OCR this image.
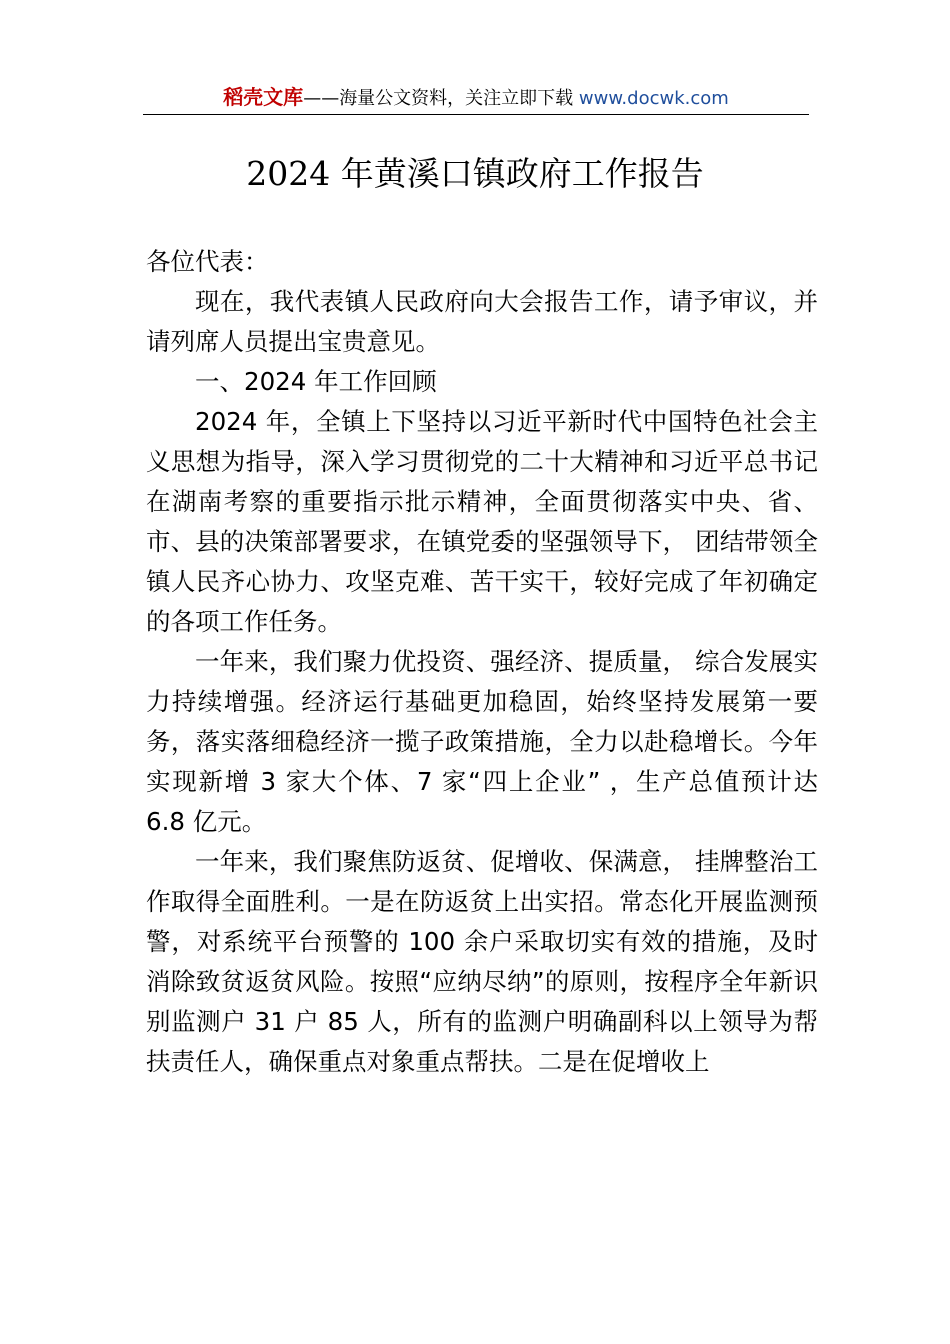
稻壳文库——海量公文资料，关注立即下载 www.docwk.com
2024 年黄溪口镇政府工作报告

各位代表：

现在，我代表镇人民政府向大会报告工作，请予审议，并请列席人员提出宝贵意见。

一、2024 年工作回顾

2024 年，全镇上下坚持以习近平新时代中国特色社会主义思想为指导，深入学习贯彻党的二十大精神和习近平总书记在湖南考察的重要指示批示精神，全面贯彻落实中央、省、市、县的决策部署要求，在镇党委的坚强领导下， 团结带领全镇人民齐心协力、攻坚克难、苦干实干，较好完成了年初确定的各项工作任务。

一年来，我们聚力优投资、强经济、提质量， 综合发展实力持续增强。经济运行基础更加稳固，始终坚持发展第一要务，落实落细稳经济一揽子政策措施，全力以赴稳增长。今年实现新增 3 家大个体、7 家“四上企业” ，生产总值预计达 6.8 亿元。

一年来，我们聚焦防返贫、促增收、保满意， 挂牌整治工作取得全面胜利。一是在防返贫上出实招。常态化开展监测预警，对系统平台预警的 100 余户采取切实有效的措施，及时消除致贫返贫风险。按照“应纳尽纳”的原则，按程序全年新识别监测户 31 户 85 人，所有的监测户明确副科以上领导为帮扶责任人，确保重点对象重点帮扶。二是在促增收上
